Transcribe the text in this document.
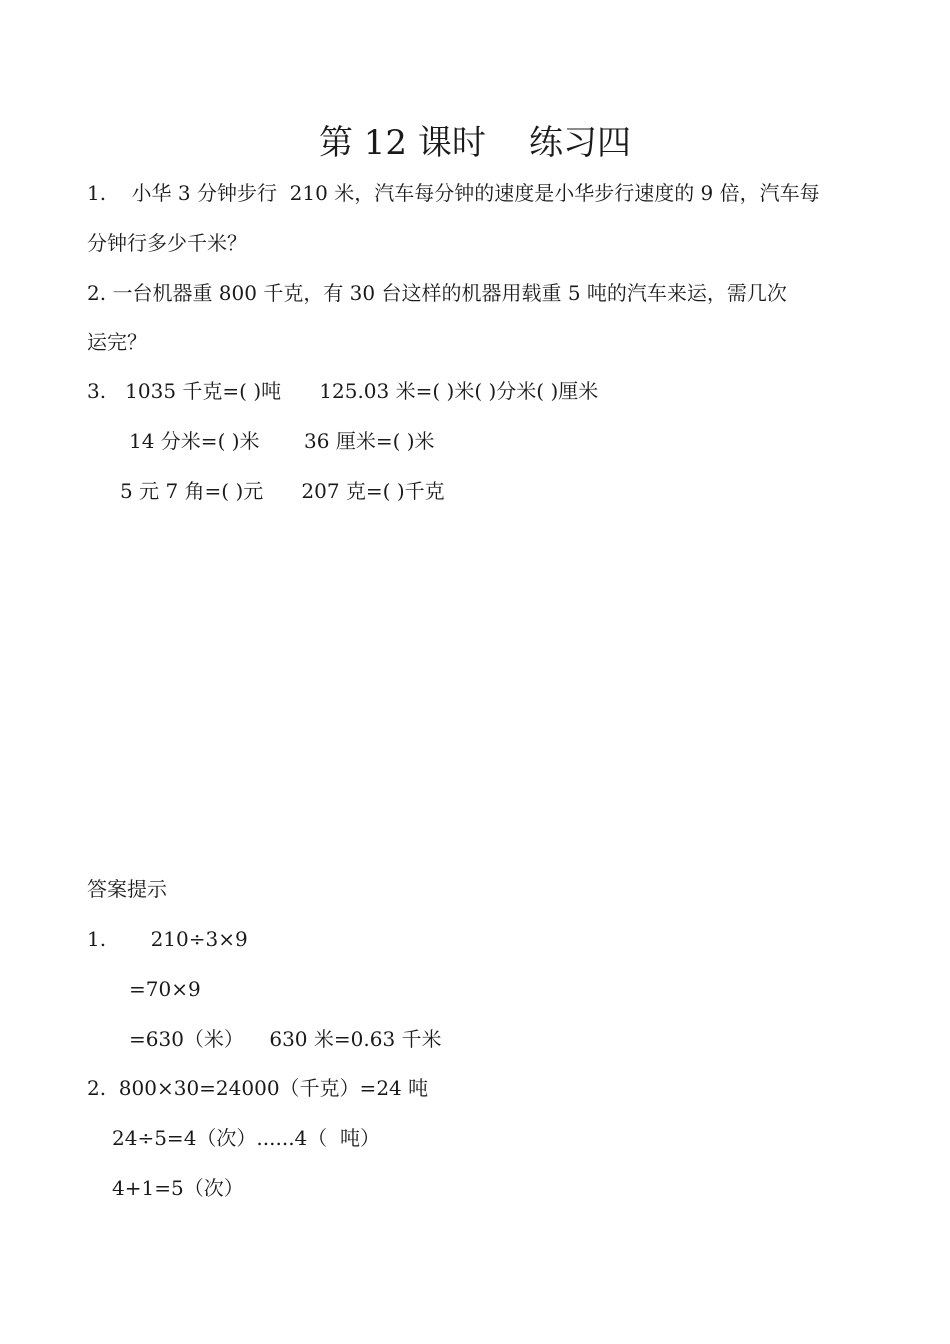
第 12 课时    练习四
1.    小华 3 分钟步行  210 米，汽车每分钟的速度是小华步行速度的 9 倍，汽车每
分钟行多少千米？
2. 一台机器重 800 千克，有 30 台这样的机器用载重 5 吨的汽车来运，需几次
运完？
3.   1035 千克=( )吨      125.03 米=( )米( )分米( )厘米
14 分米=( )米       36 厘米=( )米
5 元 7 角=( )元      207 克=( )千克
答案提示
1.       210÷3×9
=70×9
=630（米）    630 米=0.63 千米
2.  800×30=24000（千克）=24 吨
24÷5=4（次）......4（  吨）
4+1=5（次）
